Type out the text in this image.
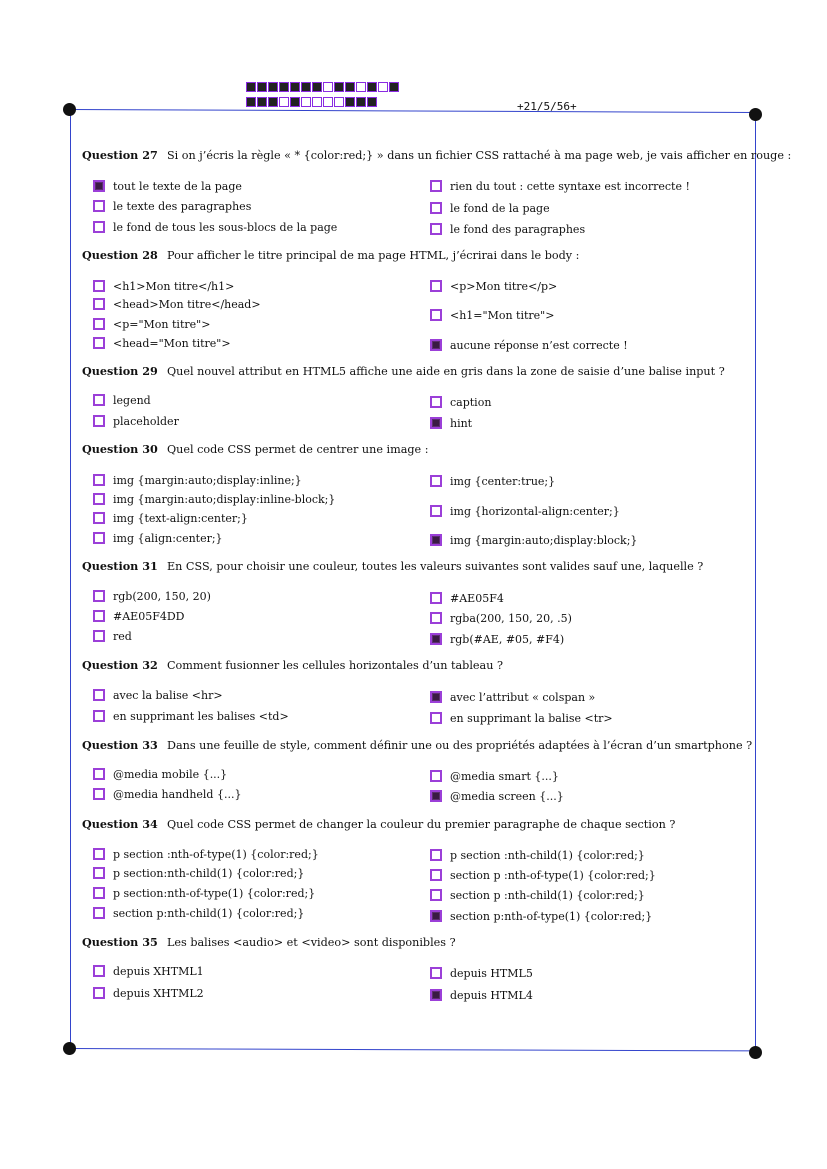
+21/5/56+
Question 27 Si on j’écris la règle « * {color:red;} » dans un fichier CSS rattaché à ma page web, je vais afficher en rouge :
tout le texte de la page
le texte des paragraphes
le fond de tous les sous-blocs de la page
rien du tout : cette syntaxe est incorrecte !
le fond de la page
le fond des paragraphes
Question 28 Pour afficher le titre principal de ma page HTML, j’écrirai dans le body :
<h1>Mon titre</h1>
<head>Mon titre</head>
<p="Mon titre">
<head="Mon titre">
<p>Mon titre</p>
<h1="Mon titre">
aucune réponse n’est correcte !
Question 29 Quel nouvel attribut en HTML5 affiche une aide en gris dans la zone de saisie d’une balise input ?
legend
placeholder
caption
hint
Question 30 Quel code CSS permet de centrer une image :
img {margin:auto;display:inline;}
img {margin:auto;display:inline-block;}
img {text-align:center;}
img {align:center;}
img {center:true;}
img {horizontal-align:center;}
img {margin:auto;display:block;}
Question 31 En CSS, pour choisir une couleur, toutes les valeurs suivantes sont valides sauf une, laquelle ?
rgb(200, 150, 20)
#AE05F4DD
red
#AE05F4
rgba(200, 150, 20, .5)
rgb(#AE, #05, #F4)
Question 32 Comment fusionner les cellules horizontales d’un tableau ?
avec la balise <hr>
en supprimant les balises <td>
avec l’attribut « colspan »
en supprimant la balise <tr>
Question 33 Dans une feuille de style, comment définir une ou des propriétés adaptées à l’écran d’un smartphone ?
@media mobile {...}
@media handheld {...}
@media smart {...}
@media screen {...}
Question 34 Quel code CSS permet de changer la couleur du premier paragraphe de chaque section ?
p section :nth-of-type(1) {color:red;}
p section:nth-child(1) {color:red;}
p section:nth-of-type(1) {color:red;}
section p:nth-child(1) {color:red;}
p section :nth-child(1) {color:red;}
section p :nth-of-type(1) {color:red;}
section p :nth-child(1) {color:red;}
section p:nth-of-type(1) {color:red;}
Question 35 Les balises <audio> et <video> sont disponibles ?
depuis XHTML1
depuis XHTML2
depuis HTML5
depuis HTML4
